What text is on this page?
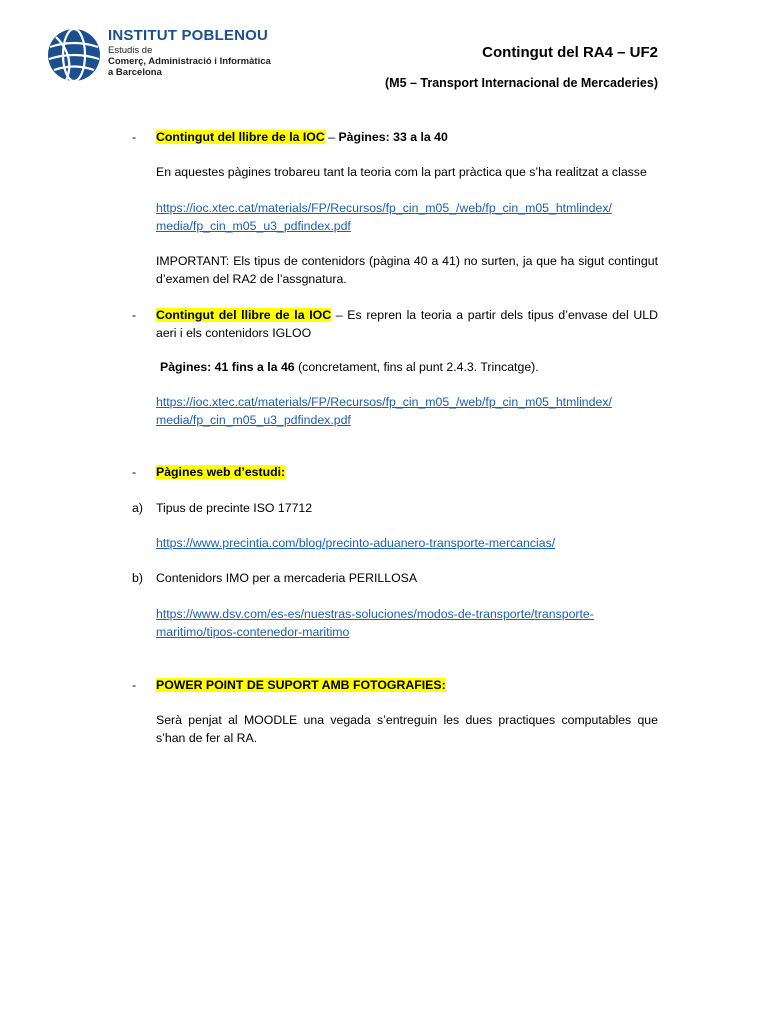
INSTITUT POBLENOU
Estudis de
Comerç, Administració i Informàtica
a Barcelona
Contingut del RA4 – UF2
(M5 – Transport Internacional de Mercaderies)
- Contingut del llibre de la IOC – Pàgines: 33 a la 40
En aquestes pàgines trobareu tant la teoria com la part pràctica que s’ha realitzat a classe
https://ioc.xtec.cat/materials/FP/Recursos/fp_cin_m05_/web/fp_cin_m05_htmlindex/
media/fp_cin_m05_u3_pdfindex.pdf
IMPORTANT: Els tipus de contenidors (pàgina 40 a 41) no surten, ja que ha sigut contingut d’examen del RA2 de l’assgnatura.
- Contingut del llibre de la IOC – Es repren la teoria a partir dels tipus d’envase del ULD aeri i els contenidors IGLOO
Pàgines: 41 fins a la 46 (concretament, fins al punt 2.4.3. Trincatge).
https://ioc.xtec.cat/materials/FP/Recursos/fp_cin_m05_/web/fp_cin_m05_htmlindex/
media/fp_cin_m05_u3_pdfindex.pdf
- Pàgines web d’estudi:
a) Tipus de precinte ISO 17712
https://www.precintia.com/blog/precinto-aduanero-transporte-mercancias/
b) Contenidors IMO per a mercaderia PERILLOSA
https://www.dsv.com/es-es/nuestras-soluciones/modos-de-transporte/transporte-
maritimo/tipos-contenedor-maritimo
- POWER POINT DE SUPORT AMB FOTOGRAFIES:
Serà penjat al MOODLE una vegada s’entreguin les dues practiques computables que s’han de fer al RA.
